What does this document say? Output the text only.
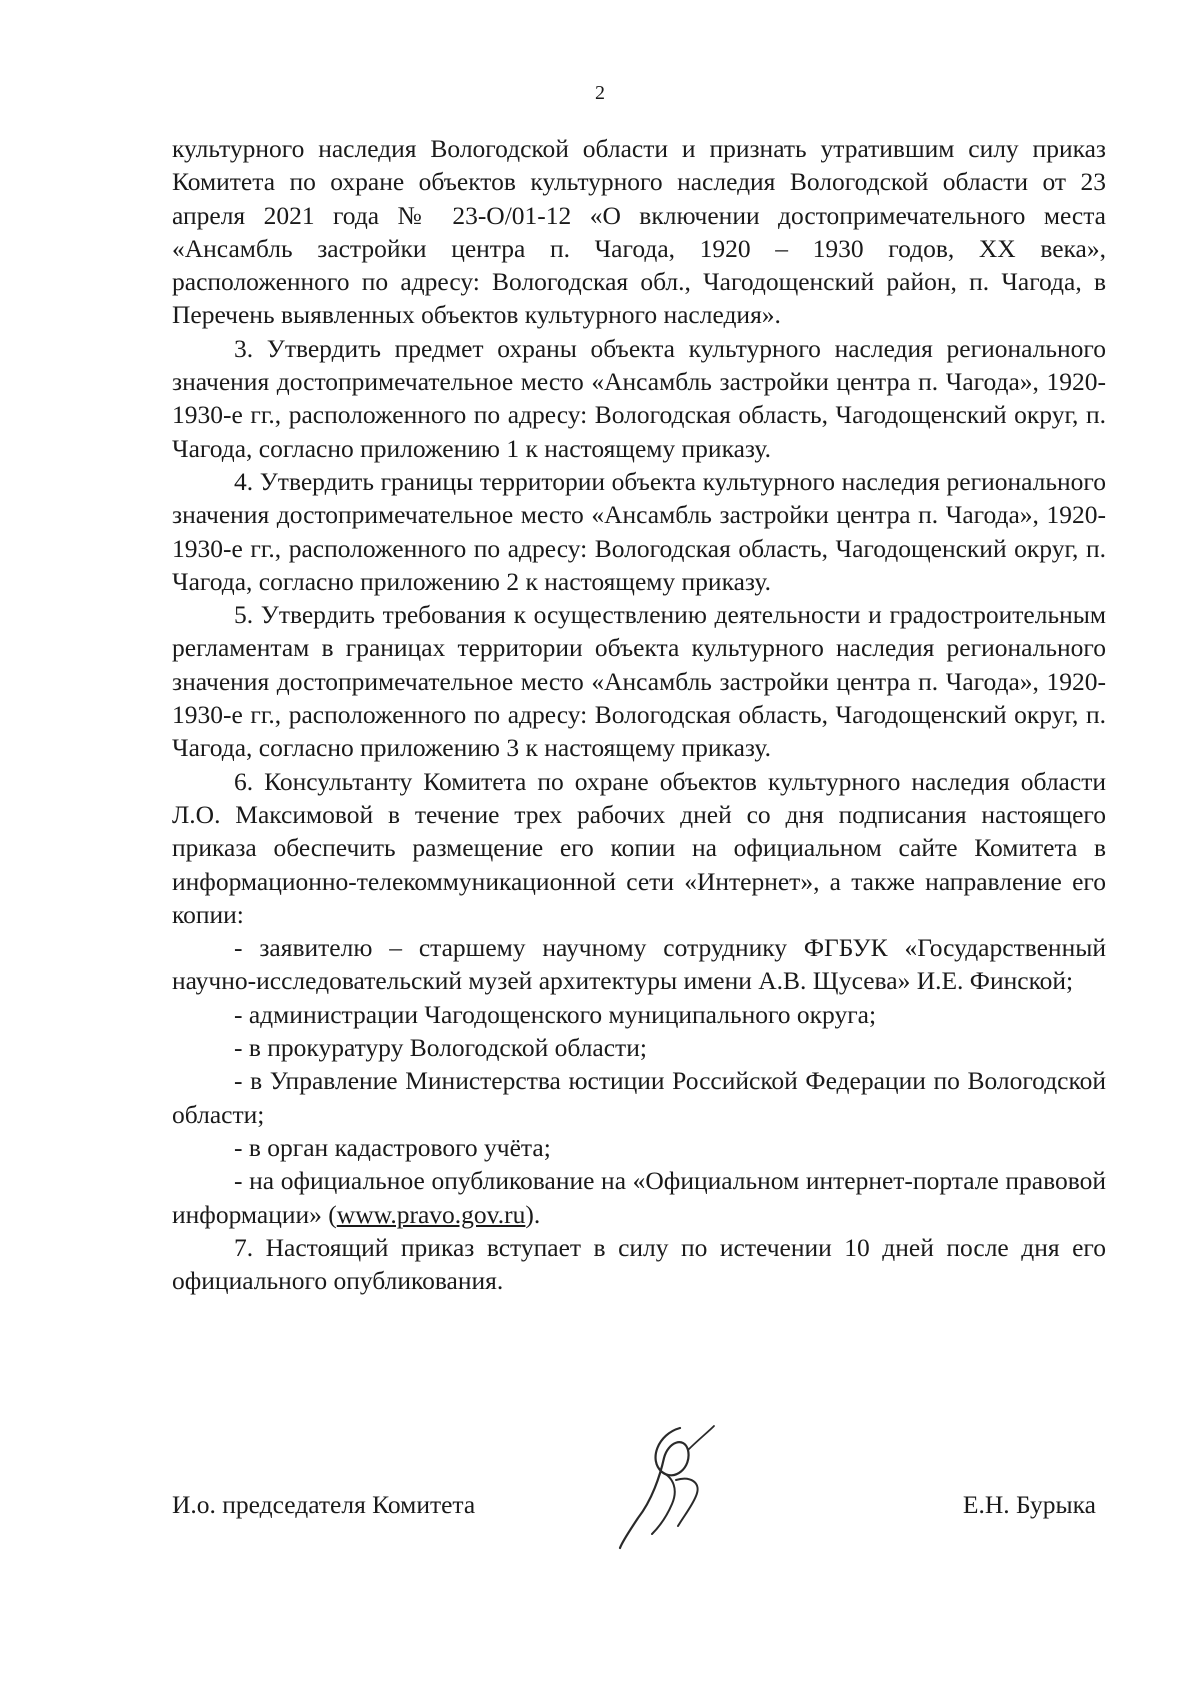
2

культурного наследия Вологодской области и признать утратившим силу приказ Комитета по охране объектов культурного наследия Вологодской области от 23 апреля 2021 года № 23-О/01-12 «О включении достопримечательного места «Ансамбль застройки центра п. Чагода, 1920 – 1930 годов, XX века», расположенного по адресу: Вологодская обл., Чагодощенский район, п. Чагода, в Перечень выявленных объектов культурного наследия».

3. Утвердить предмет охраны объекта культурного наследия регионального значения достопримечательное место «Ансамбль застройки центра п. Чагода», 1920-1930-е гг., расположенного по адресу: Вологодская область, Чагодощенский округ, п. Чагода, согласно приложению 1 к настоящему приказу.

4. Утвердить границы территории объекта культурного наследия регионального значения достопримечательное место «Ансамбль застройки центра п. Чагода», 1920-1930-е гг., расположенного по адресу: Вологодская область, Чагодощенский округ, п. Чагода, согласно приложению 2 к настоящему приказу.

5. Утвердить требования к осуществлению деятельности и градостроительным регламентам в границах территории объекта культурного наследия регионального значения достопримечательное место «Ансамбль застройки центра п. Чагода», 1920-1930-е гг., расположенного по адресу: Вологодская область, Чагодощенский округ, п. Чагода, согласно приложению 3 к настоящему приказу.

6. Консультанту Комитета по охране объектов культурного наследия области Л.О. Максимовой в течение трех рабочих дней со дня подписания настоящего приказа обеспечить размещение его копии на официальном сайте Комитета в информационно-телекоммуникационной сети «Интернет», а также направление его копии:

- заявителю – старшему научному сотруднику ФГБУК «Государственный научно-исследовательский музей архитектуры имени А.В. Щусева» И.Е. Финской;

- администрации Чагодощенского муниципального округа;

- в прокуратуру Вологодской области;

- в Управление Министерства юстиции Российской Федерации по Вологодской области;

- в орган кадастрового учёта;

- на официальное опубликование на «Официальном интернет-портале правовой информации» (www.pravo.gov.ru).

7. Настоящий приказ вступает в силу по истечении 10 дней после дня его официального опубликования.

И.о. председателя Комитета	Е.Н. Бурыка
